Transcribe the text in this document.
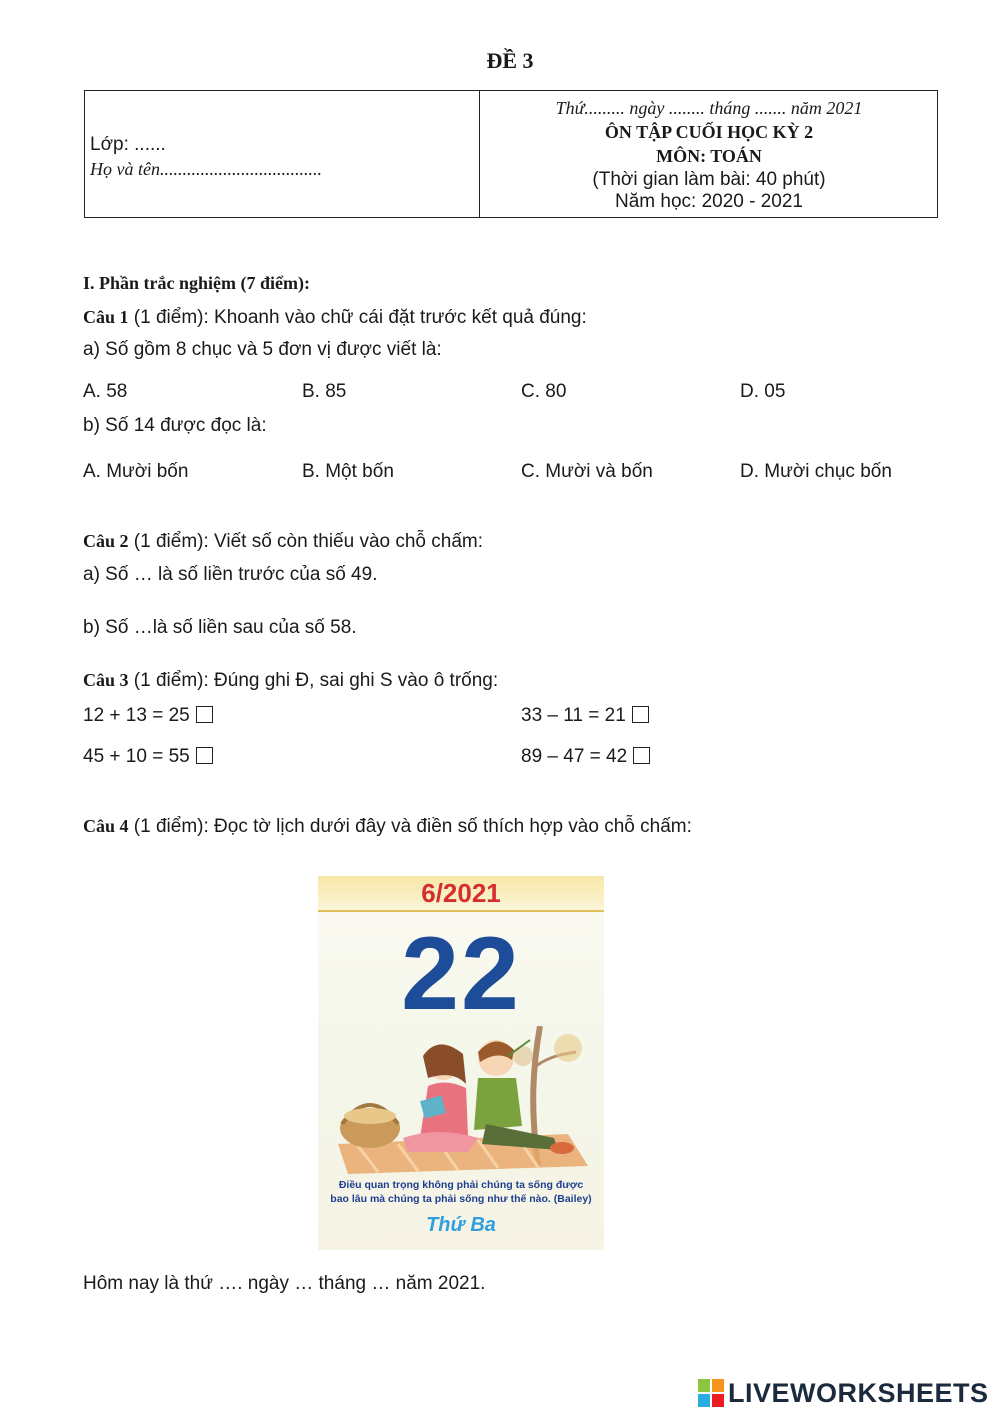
ĐỀ 3
Lớp: ......
Họ và tên....................................
Thứ......... ngày ........ tháng ....... năm 2021
ÔN TẬP CUỐI HỌC KỲ 2
MÔN: TOÁN
(Thời gian làm bài: 40 phút)
Năm học: 2020 - 2021
I. Phần trắc nghiệm (7 điểm):
Câu 1 (1 điểm): Khoanh vào chữ cái đặt trước kết quả đúng:
a) Số gồm 8 chục và 5 đơn vị được viết là:
A. 58	B. 85	C. 80	D. 05
b) Số 14 được đọc là:
A. Mười bốn	B. Một bốn	C. Mười và bốn	D. Mười chục bốn
Câu 2 (1 điểm): Viết số còn thiếu vào chỗ chấm:
a) Số … là số liền trước của số 49.
b) Số …là số liền sau của số 58.
Câu 3 (1 điểm): Đúng ghi Đ, sai ghi S vào ô trống:
12 + 13 = 25	33 – 11 = 21
45 + 10 = 55	89 – 47 = 42
Câu 4 (1 điểm): Đọc tờ lịch dưới đây và điền số thích hợp vào chỗ chấm:
6/2021
22
Điều quan trọng không phải chúng ta sống được bao lâu mà chúng ta phải sống như thế nào. (Bailey)
Thứ Ba
Hôm nay là thứ …. ngày … tháng … năm 2021.
LIVEWORKSHEETS
